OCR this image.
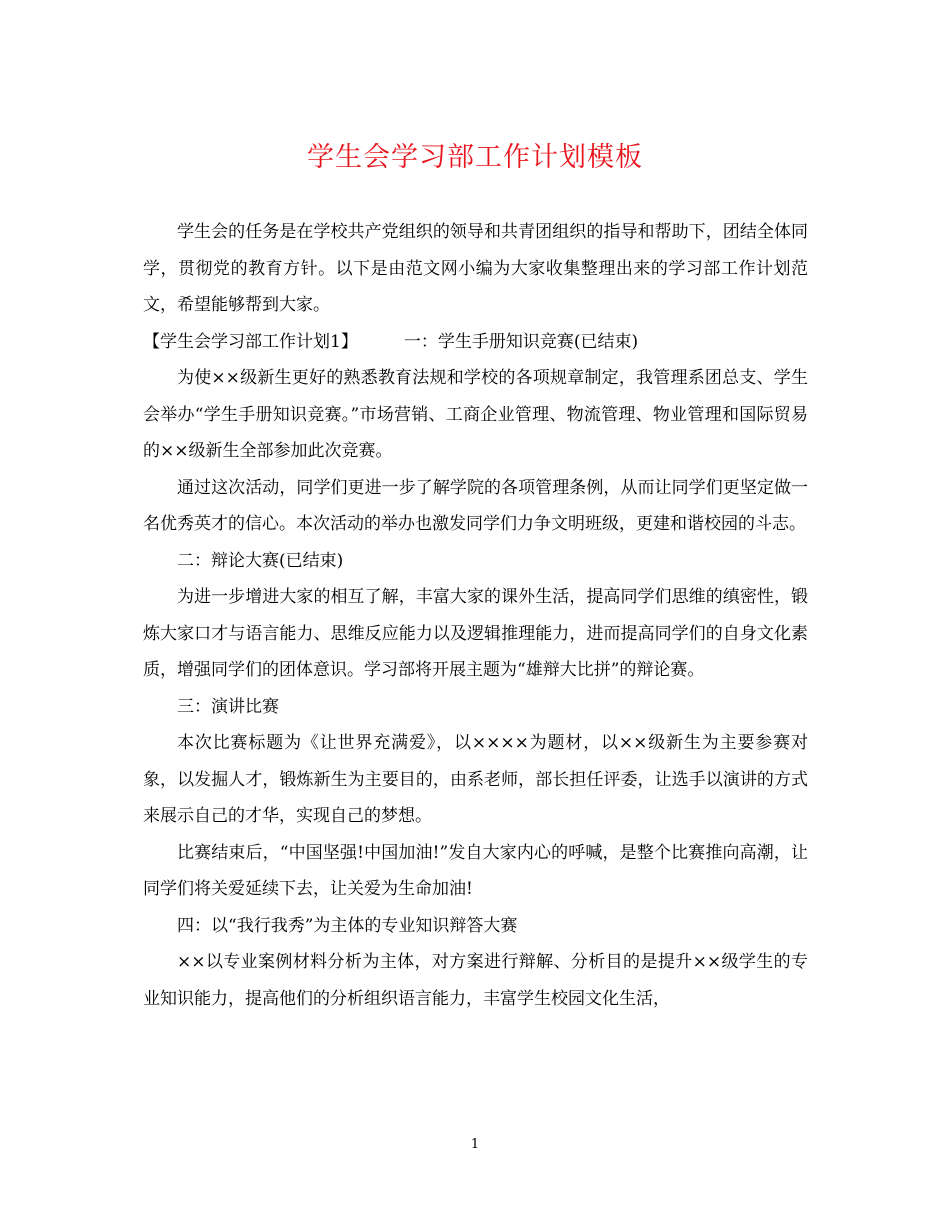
学生会学习部工作计划模板

学生会的任务是在学校共产党组织的领导和共青团组织的指导和帮助下，团结全体同学，贯彻党的教育方针。以下是由范文网小编为大家收集整理出来的学习部工作计划范文，希望能够帮到大家。

【学生会学习部工作计划1】	一：学生手册知识竞赛(已结束)

为使××级新生更好的熟悉教育法规和学校的各项规章制定，我管理系团总支、学生会举办“学生手册知识竞赛。”市场营销、工商企业管理、物流管理、物业管理和国际贸易的××级新生全部参加此次竞赛。

通过这次活动，同学们更进一步了解学院的各项管理条例，从而让同学们更坚定做一名优秀英才的信心。本次活动的举办也激发同学们力争文明班级，更建和谐校园的斗志。

二：辩论大赛(已结束)

为进一步增进大家的相互了解，丰富大家的课外生活，提高同学们思维的缜密性，锻炼大家口才与语言能力、思维反应能力以及逻辑推理能力，进而提高同学们的自身文化素质，增强同学们的团体意识。学习部将开展主题为“雄辩大比拼”的辩论赛。

三：演讲比赛

本次比赛标题为《让世界充满爱》，以××××为题材，以××级新生为主要参赛对象，以发掘人才，锻炼新生为主要目的，由系老师，部长担任评委，让选手以演讲的方式来展示自己的才华，实现自己的梦想。

比赛结束后，“中国坚强!中国加油!”发自大家内心的呼喊，是整个比赛推向高潮，让同学们将关爱延续下去，让关爱为生命加油!

四：以“我行我秀”为主体的专业知识辩答大赛

××以专业案例材料分析为主体，对方案进行辩解、分析目的是提升××级学生的专业知识能力，提高他们的分析组织语言能力，丰富学生校园文化生活，

1
